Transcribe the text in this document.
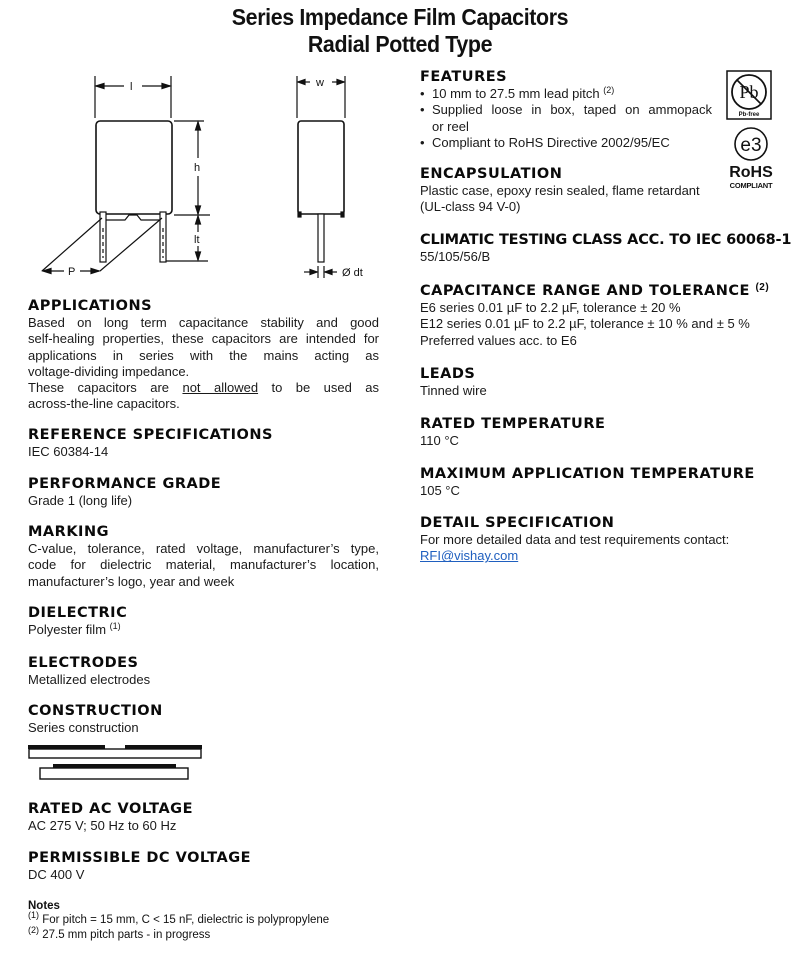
Series Impedance Film Capacitors
Radial Potted Type
l
h
lt
P
w
Ø dt
APPLICATIONS
Based on long term capacitance stability and good
self-healing properties, these capacitors are intended for
applications in series with the mains acting as
voltage-dividing impedance.
These capacitors are not allowed to be used as
across-the-line capacitors.
REFERENCE SPECIFICATIONS
IEC 60384-14
PERFORMANCE GRADE
Grade 1 (long life)
MARKING
C-value, tolerance, rated voltage, manufacturer’s type,
code for dielectric material, manufacturer’s location,
manufacturer’s logo, year and week
DIELECTRIC
Polyester film $^{(1)}$
ELECTRODES
Metallized electrodes
CONSTRUCTION
Series construction
RATED AC VOLTAGE
AC 275 V; 50 Hz to 60 Hz
PERMISSIBLE DC VOLTAGE
DC 400 V
Notes
$^{(1)}$ For pitch = 15 mm, C < 15 nF, dielectric is polypropylene
$^{(2)}$ 27.5 mm pitch parts - in progress
FEATURES
• 10 mm to 27.5 mm lead pitch $^{(2)}$
• Supplied loose in box, taped on ammopack
or reel
• Compliant to RoHS Directive 2002/95/EC
ENCAPSULATION
Plastic case, epoxy resin sealed, flame retardant
(UL-class 94 V-0)
CLIMATIC TESTING CLASS ACC. TO IEC 60068-1
55/105/56/B
CAPACITANCE RANGE AND TOLERANCE $^{(2)}$
E6 series 0.01 µF to 2.2 µF, tolerance ± 20 %
E12 series 0.01 µF to 2.2 µF, tolerance ± 10 % and ± 5 %
Preferred values acc. to E6
LEADS
Tinned wire
RATED TEMPERATURE
110 °C
MAXIMUM APPLICATION TEMPERATURE
105 °C
DETAIL SPECIFICATION
For more detailed data and test requirements contact:
RFI@vishay.com
Pb
Pb-free
e3
RoHS
COMPLIANT
